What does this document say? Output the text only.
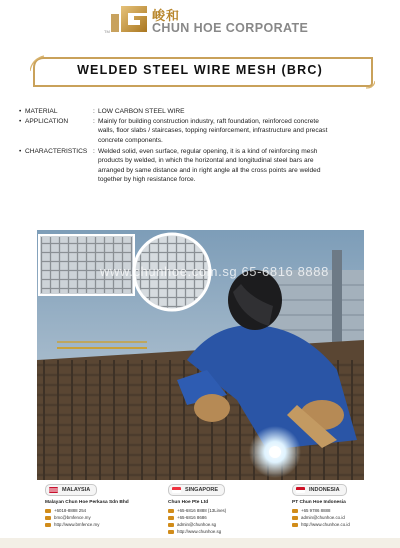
TM
峻和
CHUN HOE CORPORATE
WELDED STEEL WIRE MESH (BRC)
• MATERIAL	: LOW CARBON STEEL WIRE
• APPLICATION	: Mainly for building construction industry, raft foundation, reinforced concrete
walls, floor slabs / staircases, topping reinforcement, infrastructure and precast
concrete components.
• CHARACTERISTICS : Welded solid, even surface, regular opening, it is a kind of reinforcing mesh
products by welded, in which the horizontal and longitudinal steel bars are
arranged by same distance and in right angle all the cross points are welded
together by high resistance force.
www.chunhoe.com.sg 65-6816 8888
MALAYSIA	SINGAPORE	INDONESIA
Malayan Chun Hoe Perkasa Sdn Bhd
+6018-8888 254
bmc@bmfence.my
http://www.bmfence.my
Chun Hoe Pte Ltd
+65-6816 8888 (13Lines)
+65-6816 8686
admin@chunhoe.sg
http://www.chunhoe.sg
PT Chun Hoe Indonesia
+65 9786 8888
admin@chunhoe.co.id
http://www.chunhoe.co.id
